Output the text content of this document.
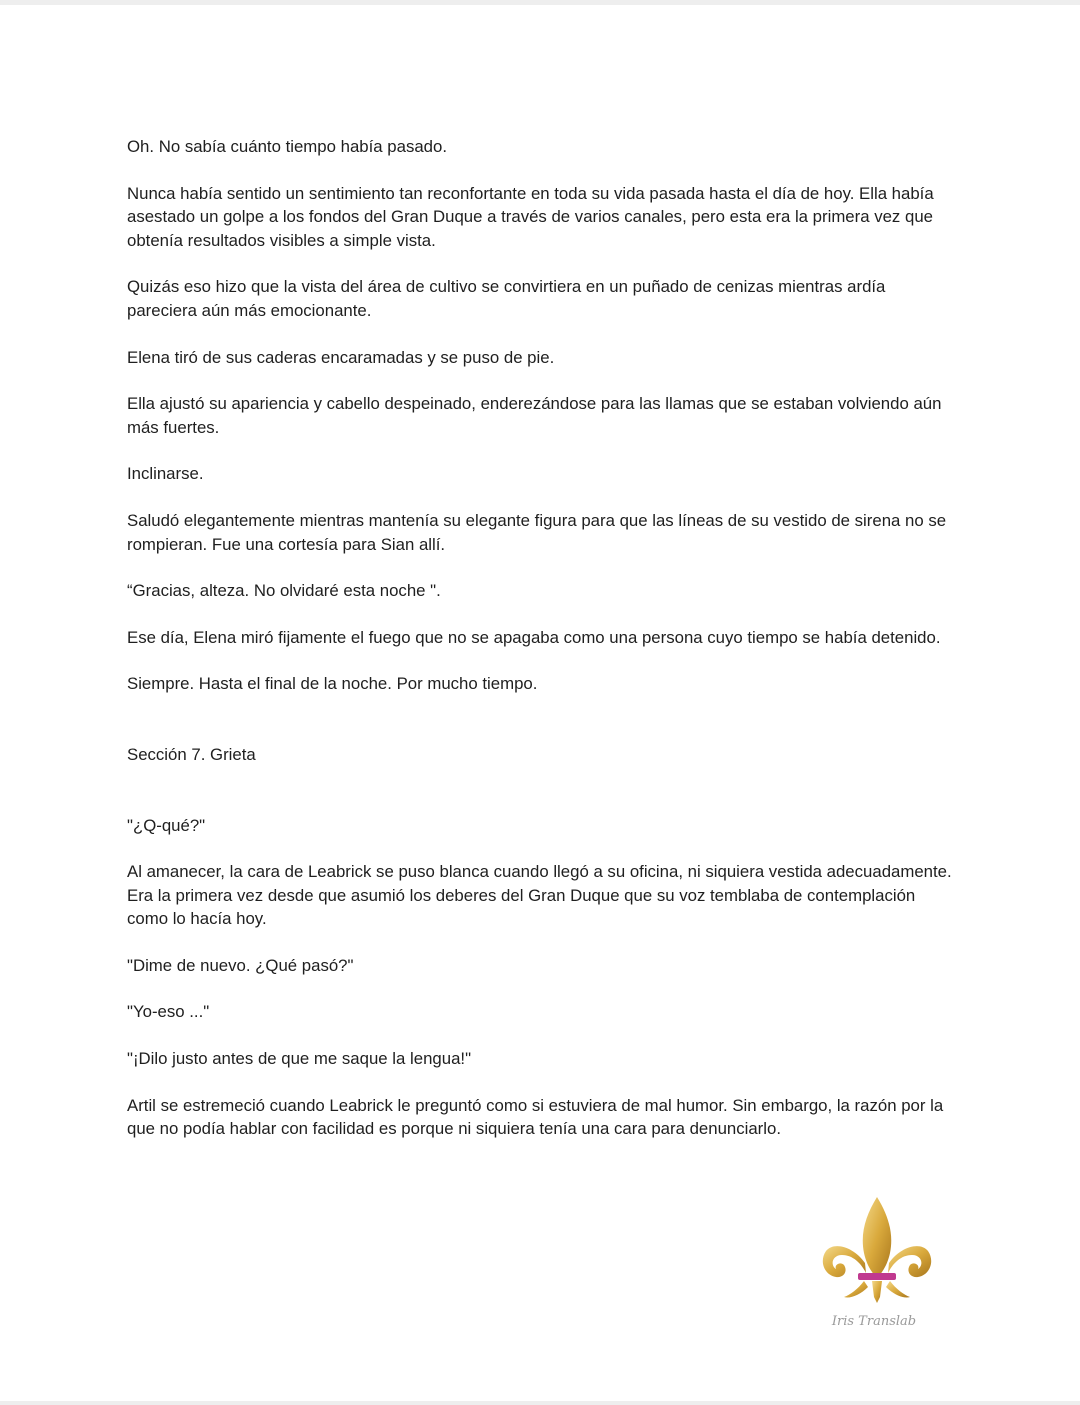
Oh. No sabía cuánto tiempo había pasado.

Nunca había sentido un sentimiento tan reconfortante en toda su vida pasada hasta el día de hoy. Ella había asestado un golpe a los fondos del Gran Duque a través de varios canales, pero esta era la primera vez que obtenía resultados visibles a simple vista.

Quizás eso hizo que la vista del área de cultivo se convirtiera en un puñado de cenizas mientras ardía pareciera aún más emocionante.

Elena tiró de sus caderas encaramadas y se puso de pie.

Ella ajustó su apariencia y cabello despeinado, enderezándose para las llamas que se estaban volviendo aún más fuertes.

Inclinarse.

Saludó elegantemente mientras mantenía su elegante figura para que las líneas de su vestido de sirena no se rompieran. Fue una cortesía para Sian allí.

“Gracias, alteza. No olvidaré esta noche ".

Ese día, Elena miró fijamente el fuego que no se apagaba como una persona cuyo tiempo se había detenido.

Siempre. Hasta el final de la noche. Por mucho tiempo.

Sección 7. Grieta

"¿Q-qué?"

Al amanecer, la cara de Leabrick se puso blanca cuando llegó a su oficina, ni siquiera vestida adecuadamente. Era la primera vez desde que asumió los deberes del Gran Duque que su voz temblaba de contemplación como lo hacía hoy.

"Dime de nuevo. ¿Qué pasó?"

"Yo-eso ..."

"¡Dilo justo antes de que me saque la lengua!"

Artil se estremeció cuando Leabrick le preguntó como si estuviera de mal humor. Sin embargo, la razón por la que no podía hablar con facilidad es porque ni siquiera tenía una cara para denunciarlo.

Iris Translab
